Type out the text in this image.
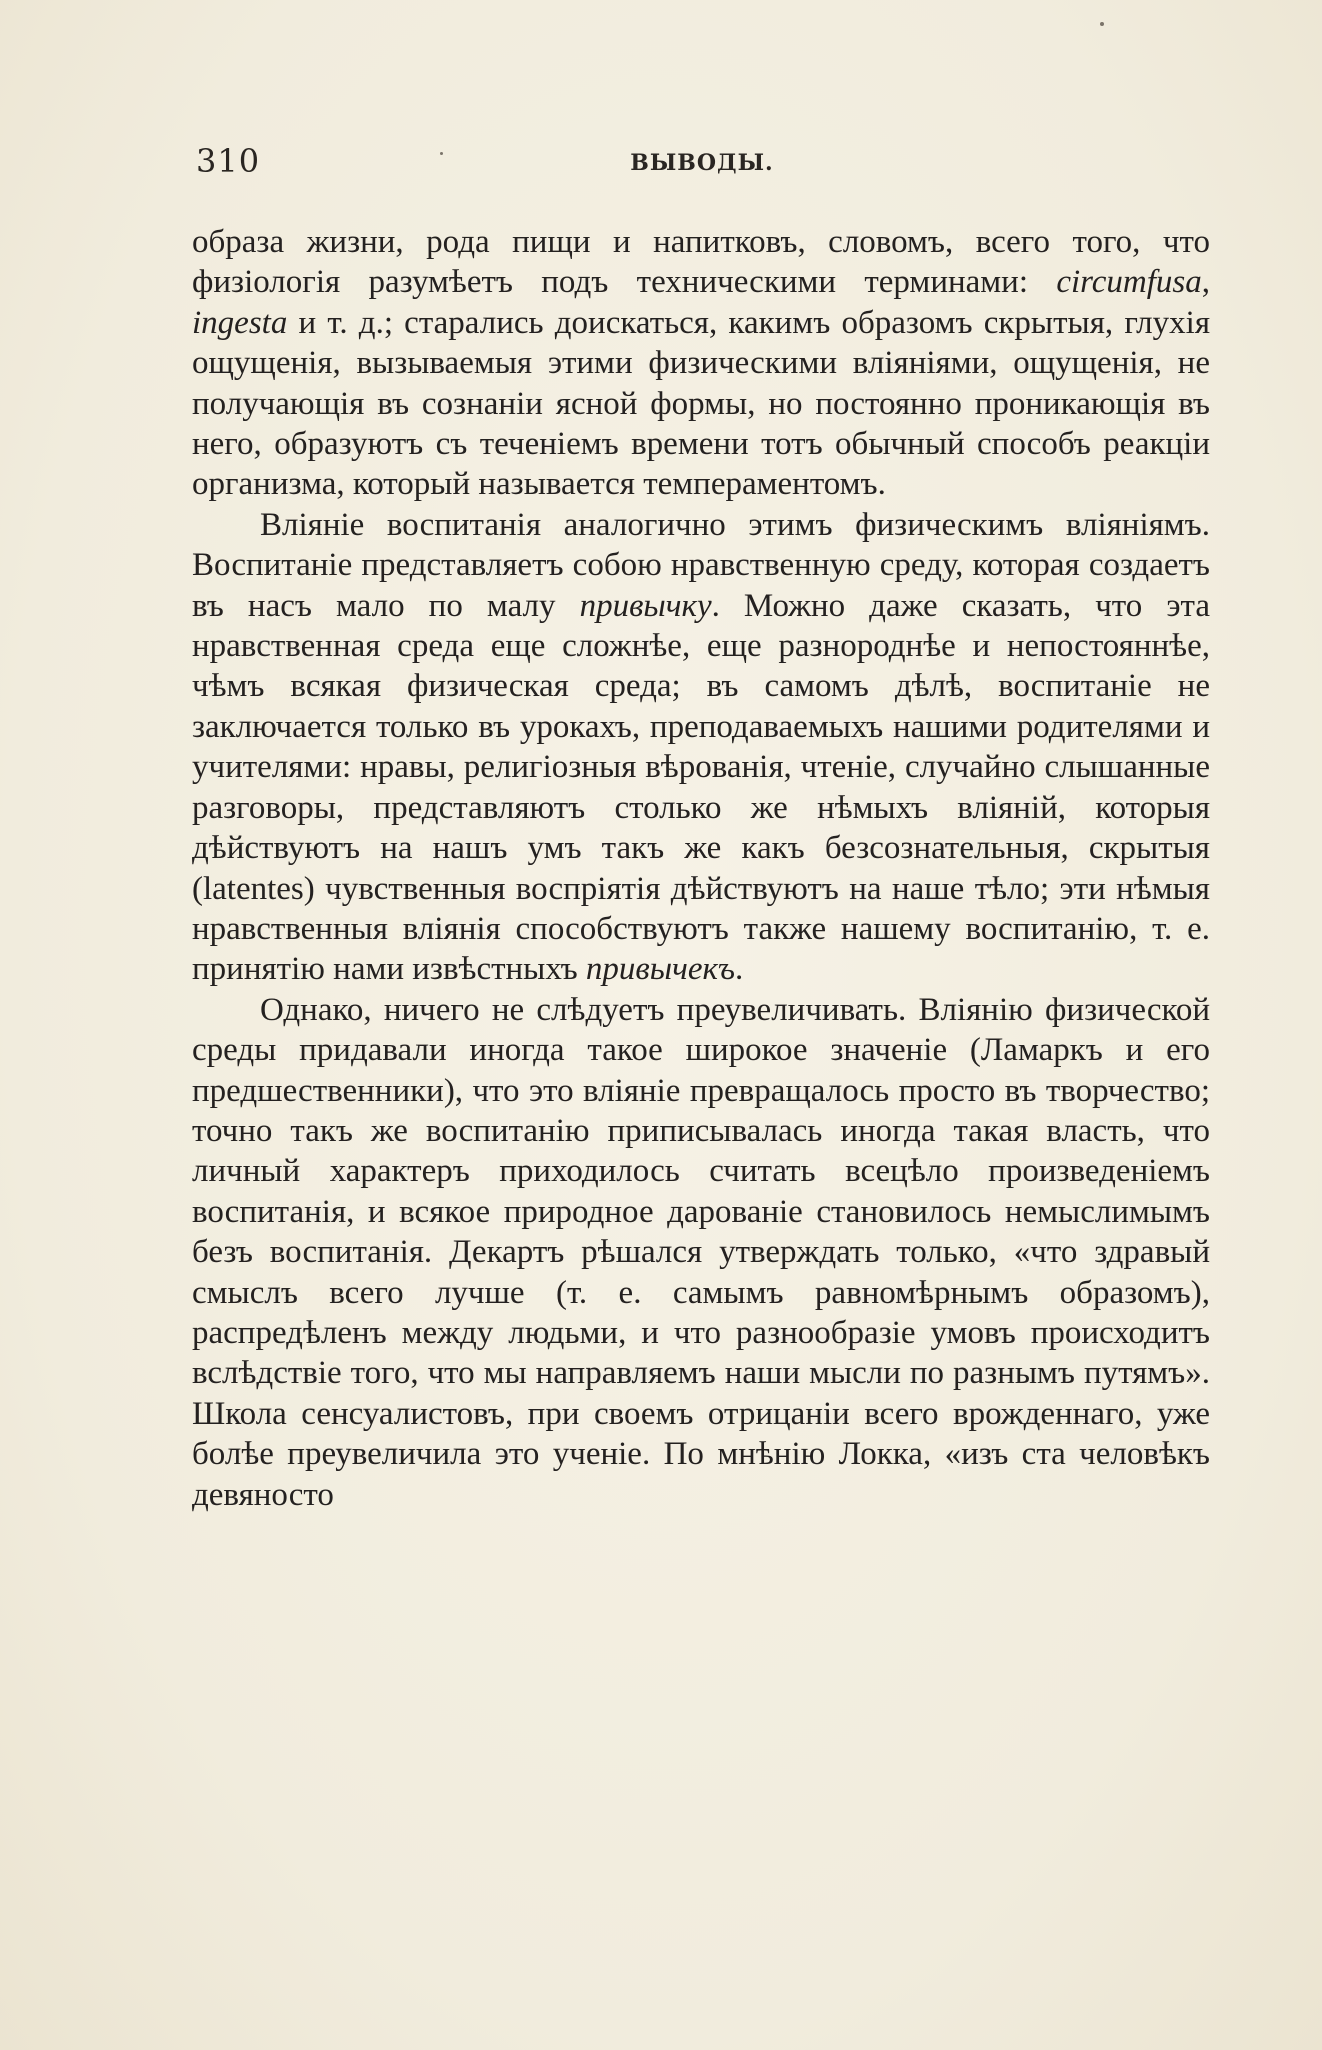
310	ВЫВОДЫ.

образа жизни, рода пищи и напитковъ, словомъ, всего того, что физіологія разумѣетъ подъ техническими терминами: circumfusa, ingesta и т. д.; старались доискаться, какимъ образомъ скрытыя, глухія ощущенія, вызываемыя этими физическими вліяніями, ощущенія, не получающія въ сознаніи ясной формы, но постоянно проникающія въ него, образуютъ съ теченіемъ времени тотъ обычный способъ реакціи организма, который называется темпераментомъ.

Вліяніе воспитанія аналогично этимъ физическимъ вліяніямъ. Воспитаніе представляетъ собою нравственную среду, которая создаетъ въ насъ мало по малу привычку. Можно даже сказать, что эта нравственная среда еще сложнѣе, еще разнороднѣе и непостояннѣе, чѣмъ всякая физическая среда; въ самомъ дѣлѣ, воспитаніе не заключается только въ урокахъ, преподаваемыхъ нашими родителями и учителями: нравы, религіозныя вѣрованія, чтеніе, случайно слышанные разговоры, представляютъ столько же нѣмыхъ вліяній, которыя дѣйствуютъ на нашъ умъ такъ же какъ безсознательныя, скрытыя (latentes) чувственныя воспріятія дѣйствуютъ на наше тѣло; эти нѣмыя нравственныя вліянія способствуютъ также нашему воспитанію, т. е. принятію нами извѣстныхъ привычекъ.

Однако, ничего не слѣдуетъ преувеличивать. Вліянію физической среды придавали иногда такое широкое значеніе (Ламаркъ и его предшественники), что это вліяніе превращалось просто въ творчество; точно такъ же воспитанію приписывалась иногда такая власть, что личный характеръ приходилось считать всецѣло произведеніемъ воспитанія, и всякое природное дарованіе становилось немыслимымъ безъ воспитанія. Декартъ рѣшался утверждать только, «что здравый смыслъ всего лучше (т. е. самымъ равномѣрнымъ образомъ), распредѣленъ между людьми, и что разнообразіе умовъ происходитъ вслѣдствіе того, что мы направляемъ наши мысли по разнымъ путямъ». Школа сенсуалистовъ, при своемъ отрицаніи всего врожденнаго, уже болѣе преувеличила это ученіе. По мнѣнію Локка, «изъ ста человѣкъ девяносто
